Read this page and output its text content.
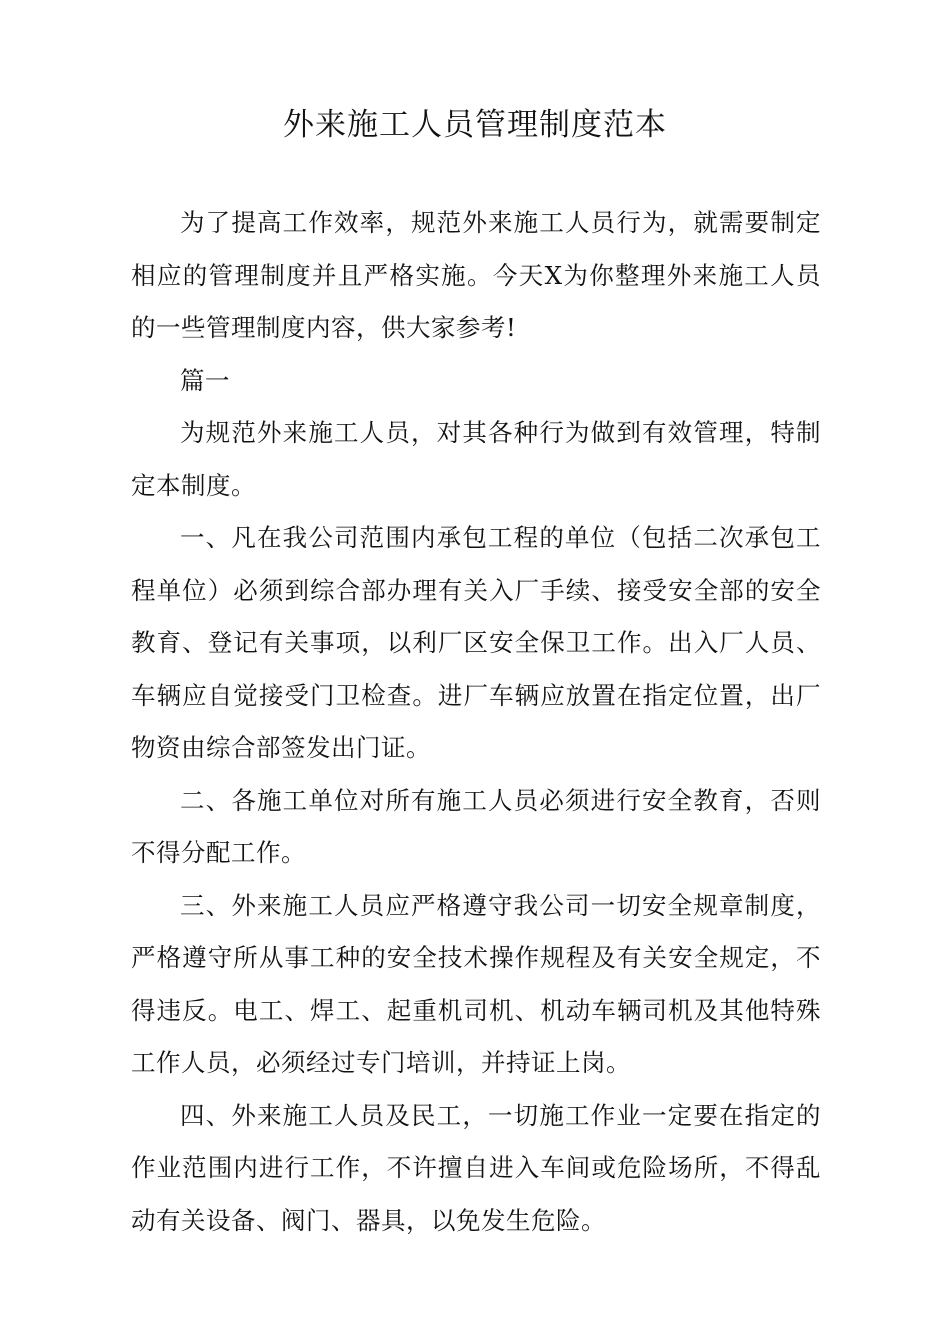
外来施工人员管理制度范本

为了提高工作效率，规范外来施工人员行为，就需要制定相应的管理制度并且严格实施。今天X为你整理外来施工人员的一些管理制度内容，供大家参考!

篇一

为规范外来施工人员，对其各种行为做到有效管理，特制定本制度。

一、凡在我公司范围内承包工程的单位（包括二次承包工程单位）必须到综合部办理有关入厂手续、接受安全部的安全教育、登记有关事项，以利厂区安全保卫工作。出入厂人员、车辆应自觉接受门卫检查。进厂车辆应放置在指定位置，出厂物资由综合部签发出门证。

二、各施工单位对所有施工人员必须进行安全教育，否则不得分配工作。

三、外来施工人员应严格遵守我公司一切安全规章制度，严格遵守所从事工种的安全技术操作规程及有关安全规定，不得违反。电工、焊工、起重机司机、机动车辆司机及其他特殊工作人员，必须经过专门培训，并持证上岗。

四、外来施工人员及民工，一切施工作业一定要在指定的作业范围内进行工作，不许擅自进入车间或危险场所，不得乱动有关设备、阀门、器具，以免发生危险。
